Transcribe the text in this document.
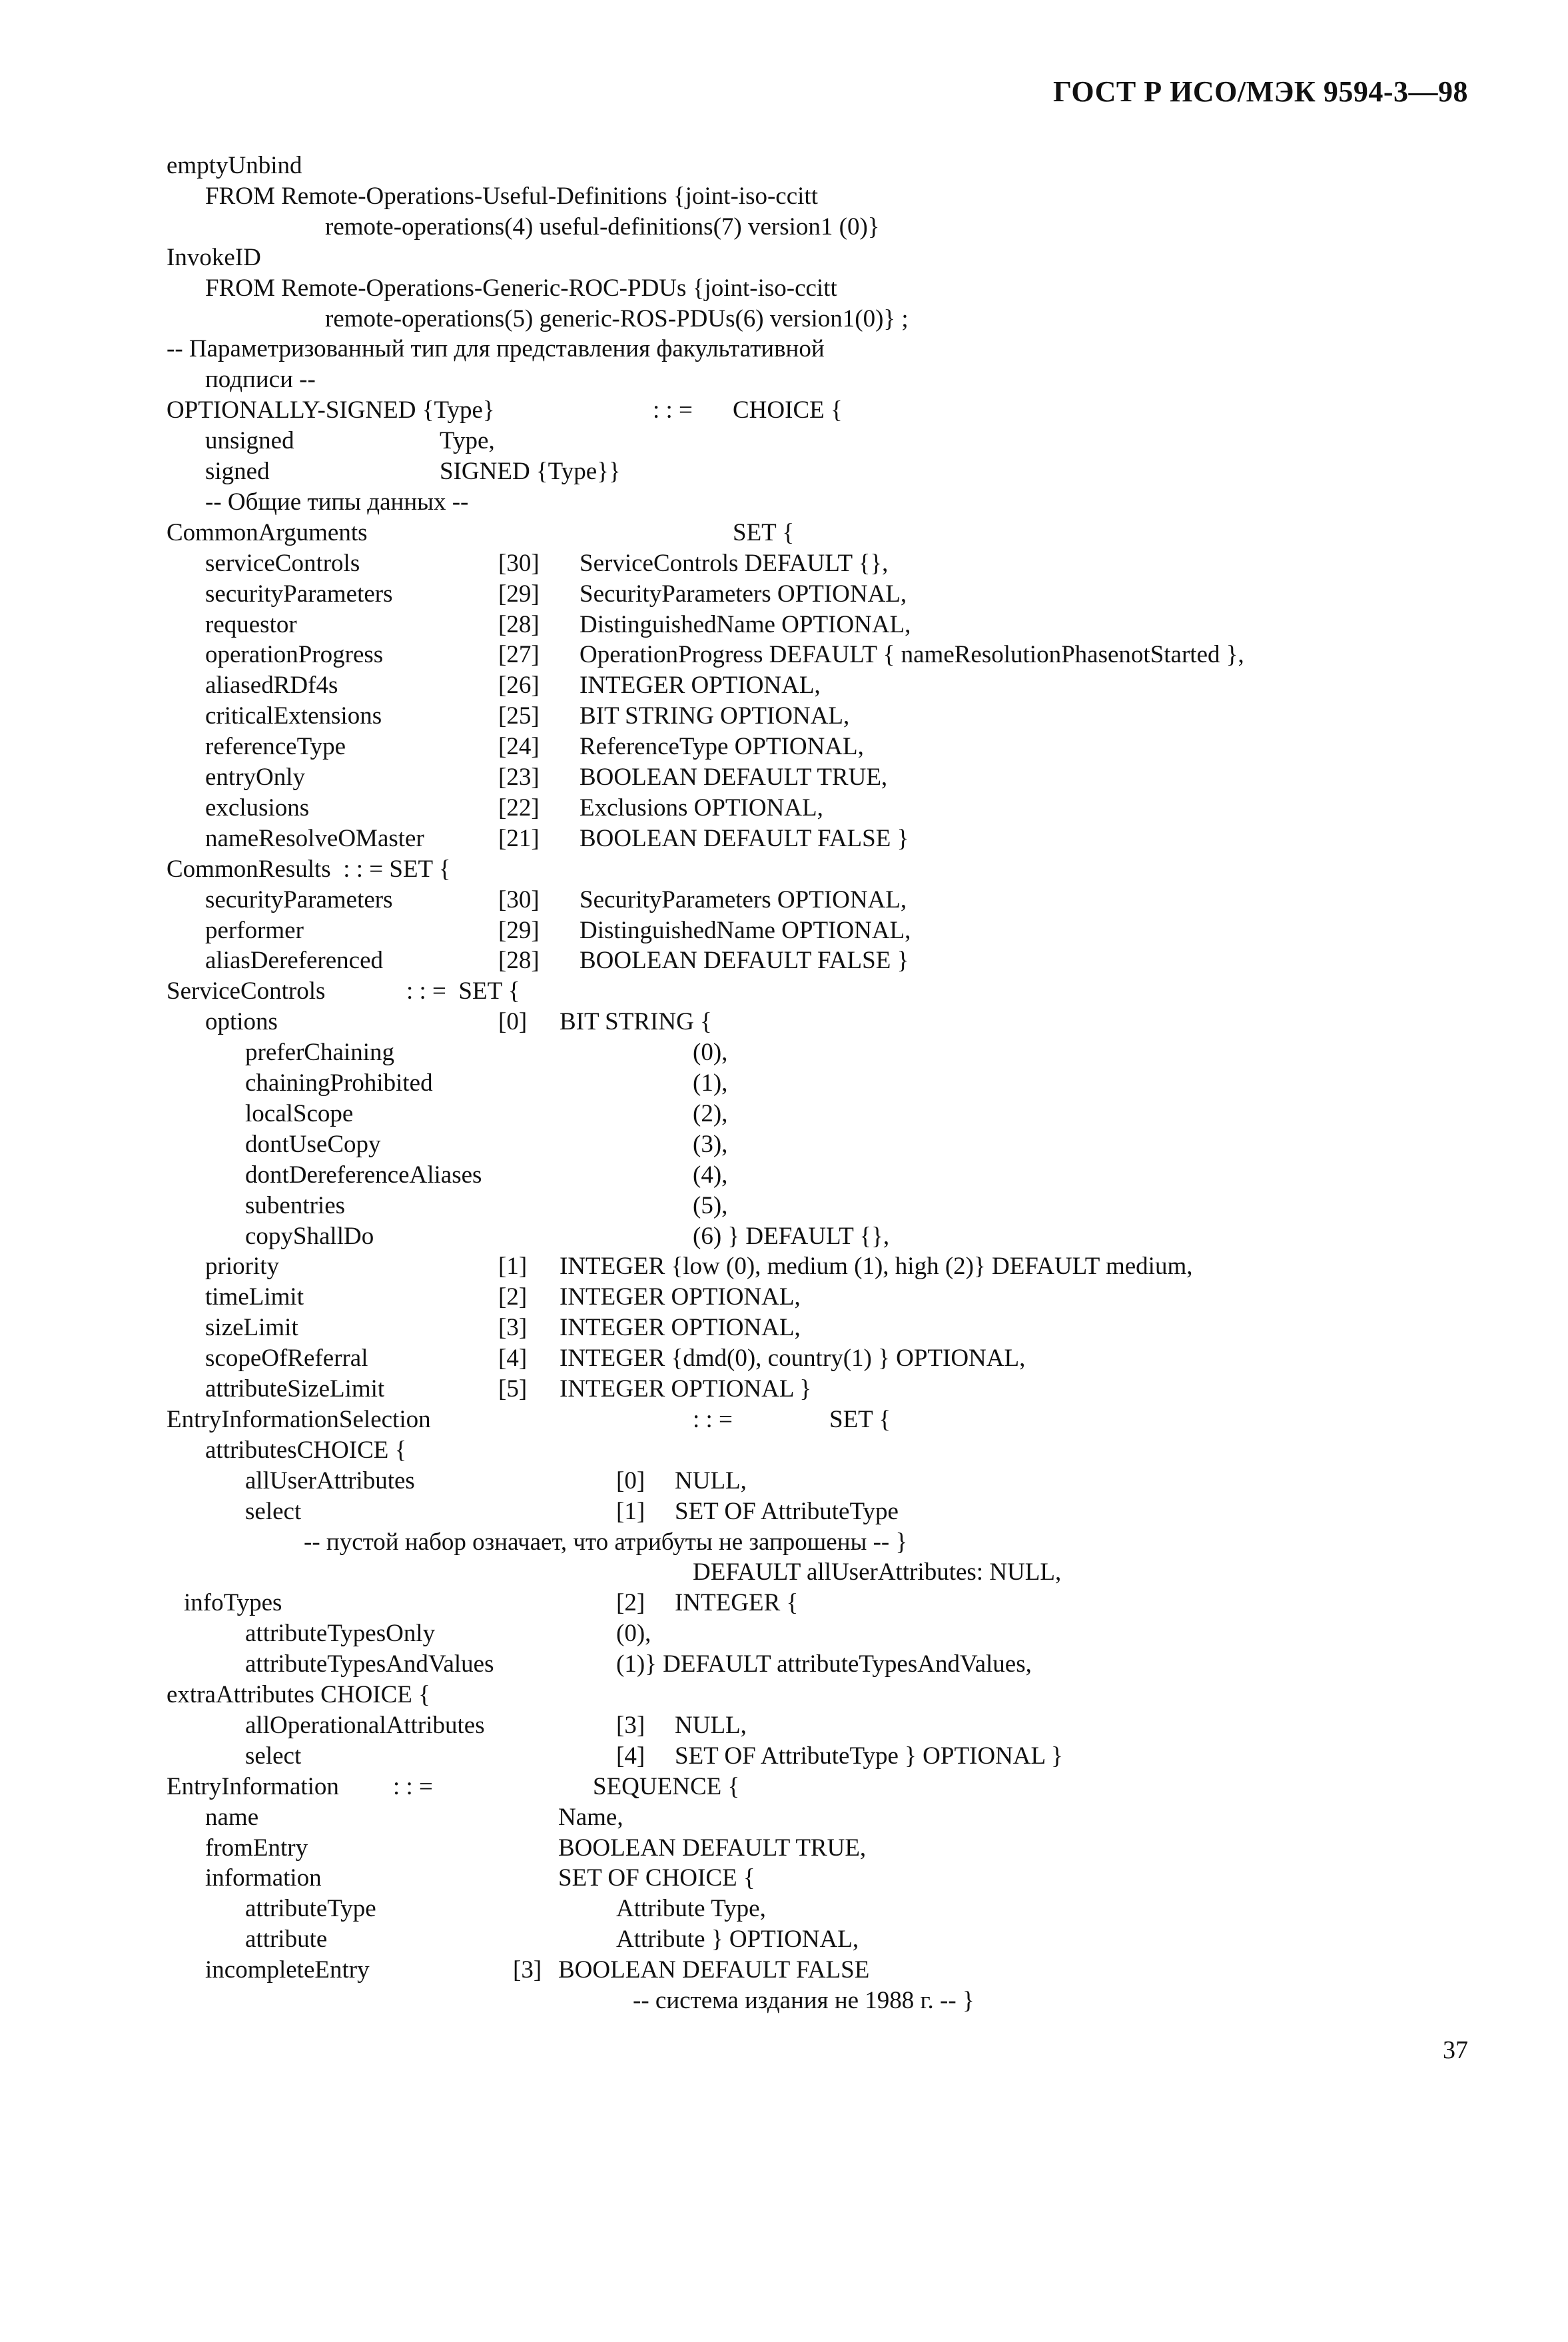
ГОСТ Р ИСО/МЭК 9594-3—98
emptyUnbind
FROM Remote-Operations-Useful-Definitions {joint-iso-ccitt
remote-operations(4) useful-definitions(7) version1 (0)}
InvokeID
FROM Remote-Operations-Generic-ROC-PDUs {joint-iso-ccitt
remote-operations(5) generic-ROS-PDUs(6) version1(0)} ;
-- Параметризованный тип для представления факультативной
подписи --
OPTIONALLY-SIGNED {Type}	: : = CHOICE {
unsigned	Type,
signed	SIGNED {Type}}
-- Общие типы данных --
CommonArguments	SET {
serviceControls	[30] ServiceControls DEFAULT {},
securityParameters	[29] SecurityParameters OPTIONAL,
requestor	[28] DistinguishedName OPTIONAL,
operationProgress	[27] OperationProgress DEFAULT { nameResolutionPhasenotStarted },
aliasedRDf4s	[26] INTEGER OPTIONAL,
criticalExtensions	[25] BIT STRING OPTIONAL,
referenceType	[24] ReferenceType OPTIONAL,
entryOnly	[23] BOOLEAN DEFAULT TRUE,
exclusions	[22] Exclusions OPTIONAL,
nameResolveOMaster	[21] BOOLEAN DEFAULT FALSE }
CommonResults  : : = SET {
securityParameters	[30] SecurityParameters OPTIONAL,
performer	[29] DistinguishedName OPTIONAL,
aliasDereferenced	[28] BOOLEAN DEFAULT FALSE }
ServiceControls	: : =  SET {
options	[0] BIT STRING {
preferChaining	(0),
chainingProhibited	(1),
localScope	(2),
dontUseCopy	(3),
dontDereferenceAliases	(4),
subentries	(5),
copyShallDo	(6) } DEFAULT {},
priority	[1] INTEGER {low (0), medium (1), high (2)} DEFAULT medium,
timeLimit	[2] INTEGER OPTIONAL,
sizeLimit	[3] INTEGER OPTIONAL,
scopeOfReferral	[4] INTEGER {dmd(0), country(1) } OPTIONAL,
attributeSizeLimit	[5] INTEGER OPTIONAL }
EntryInformationSelection	: : =	SET {
attributesCHOICE {
allUserAttributes	[0] NULL,
select	[1] SET OF AttributeType
-- пустой набор означает, что атрибуты не запрошены -- }
DEFAULT allUserAttributes: NULL,
infoTypes	[2] INTEGER {
attributeTypesOnly	(0),
attributeTypesAndValues	(1)} DEFAULT attributeTypesAndValues,
extraAttributes CHOICE {
allOperationalAttributes	[3] NULL,
select	[4] SET OF AttributeType } OPTIONAL }
EntryInformation : : =	SEQUENCE {
name	Name,
fromEntry	BOOLEAN DEFAULT TRUE,
information	SET OF CHOICE {
attributeType	Attribute Type,
attribute	Attribute } OPTIONAL,
incompleteEntry	[3] BOOLEAN DEFAULT FALSE
-- система издания не 1988 г. -- }
37
